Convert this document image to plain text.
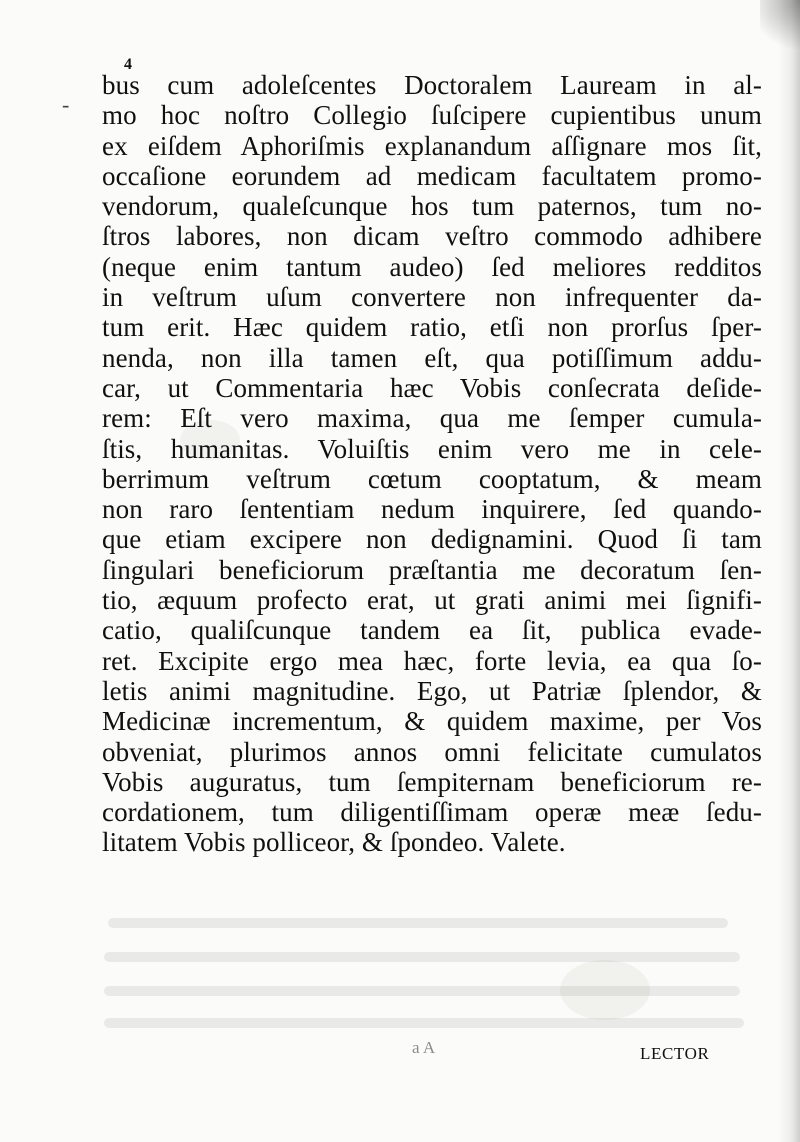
-
4
bus cum adoleſcentes Doctoralem Lauream in al-
mo hoc noſtro Collegio ſuſcipere cupientibus unum
ex eiſdem Aphoriſmis explanandum aſſignare mos ſit,
occaſione eorundem ad medicam facultatem promo-
vendorum, qualeſcunque hos tum paternos, tum no-
ſtros labores, non dicam veſtro commodo adhibere
(neque enim tantum audeo) ſed meliores redditos
in veſtrum uſum convertere non infrequenter da-
tum erit. Hæc quidem ratio, etſi non prorſus ſper-
nenda, non illa tamen eſt, qua potiſſimum addu-
car, ut Commentaria hæc Vobis conſecrata deſide-
rem: Eſt vero maxima, qua me ſemper cumula-
ſtis, humanitas. Voluiſtis enim vero me in cele-
berrimum veſtrum cœtum cooptatum, & meam
non raro ſententiam nedum inquirere, ſed quando-
que etiam excipere non dedignamini. Quod ſi tam
ſingulari beneficiorum præſtantia me decoratum ſen-
tio, æquum profecto erat, ut grati animi mei ſignifi-
catio, qualiſcunque tandem ea ſit, publica evade-
ret. Excipite ergo mea hæc, forte levia, ea qua ſo-
letis animi magnitudine. Ego, ut Patriæ ſplendor, &
Medicinæ incrementum, & quidem maxime, per Vos
obveniat, plurimos annos omni felicitate cumulatos
Vobis auguratus, tum ſempiternam beneficiorum re-
cordationem, tum diligentiſſimam operæ meæ ſedu-
litatem Vobis polliceor, & ſpondeo. Valete.
a A	LECTOR
